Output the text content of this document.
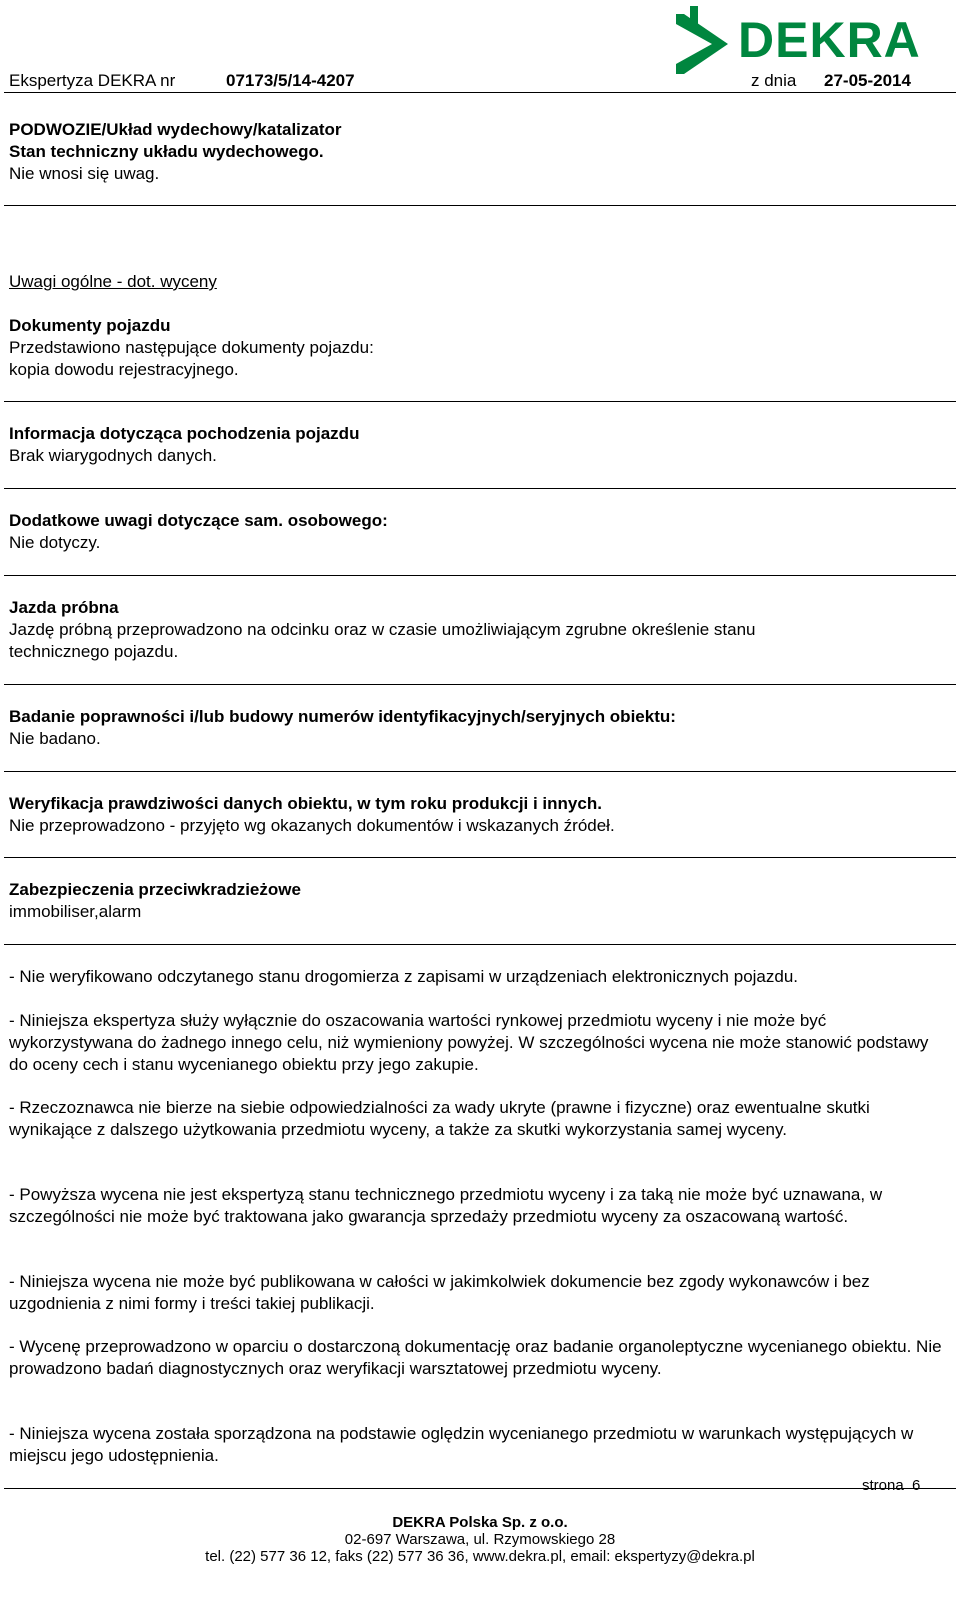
DEKRA
Ekspertyza DEKRA nr	07173/5/14-4207	z dnia 27-05-2014
PODWOZIE/Układ wydechowy/katalizator
Stan techniczny układu wydechowego.
Nie wnosi się uwag.
Uwagi ogólne - dot. wyceny
Dokumenty pojazdu
Przedstawiono następujące dokumenty pojazdu:
kopia dowodu rejestracyjnego.
Informacja dotycząca pochodzenia pojazdu
Brak wiarygodnych danych.
Dodatkowe uwagi dotyczące sam. osobowego:
Nie dotyczy.
Jazda próbna
Jazdę próbną przeprowadzono na odcinku oraz w czasie umożliwiającym zgrubne określenie stanu
technicznego pojazdu.
Badanie poprawności i/lub budowy numerów identyfikacyjnych/seryjnych obiektu:
Nie badano.
Weryfikacja prawdziwości danych obiektu, w tym roku produkcji i innych.
Nie przeprowadzono - przyjęto wg okazanych dokumentów i wskazanych źródeł.
Zabezpieczenia przeciwkradzieżowe
immobiliser,alarm
- Nie weryfikowano odczytanego stanu drogomierza z zapisami w urządzeniach elektronicznych pojazdu.
- Niniejsza ekspertyza służy wyłącznie do oszacowania wartości rynkowej przedmiotu wyceny i nie może być wykorzystywana do żadnego innego celu, niż wymieniony powyżej. W szczególności wycena nie może stanowić podstawy do oceny cech i stanu wycenianego obiektu przy jego zakupie.
- Rzeczoznawca nie bierze na siebie odpowiedzialności za wady ukryte (prawne i fizyczne) oraz ewentualne skutki wynikające z dalszego użytkowania przedmiotu wyceny, a także za skutki wykorzystania samej wyceny.
- Powyższa wycena nie jest ekspertyzą stanu technicznego przedmiotu wyceny i za taką nie może być uznawana, w szczególności nie może być traktowana jako gwarancja sprzedaży przedmiotu wyceny za oszacowaną wartość.
- Niniejsza wycena nie może być publikowana w całości w jakimkolwiek dokumencie bez zgody wykonawców i bez uzgodnienia z nimi formy i treści takiej publikacji.
- Wycenę przeprowadzono w oparciu o dostarczoną dokumentację oraz badanie organoleptyczne wycenianego obiektu. Nie prowadzono badań diagnostycznych oraz weryfikacji warsztatowej przedmiotu wyceny.
- Niniejsza wycena została sporządzona na podstawie oględzin wycenianego przedmiotu w warunkach występujących w miejscu jego udostępnienia.
strona  6
DEKRA Polska Sp. z o.o.
02-697 Warszawa, ul. Rzymowskiego 28
tel. (22) 577 36 12, faks (22) 577 36 36, www.dekra.pl, email: ekspertyzy@dekra.pl
